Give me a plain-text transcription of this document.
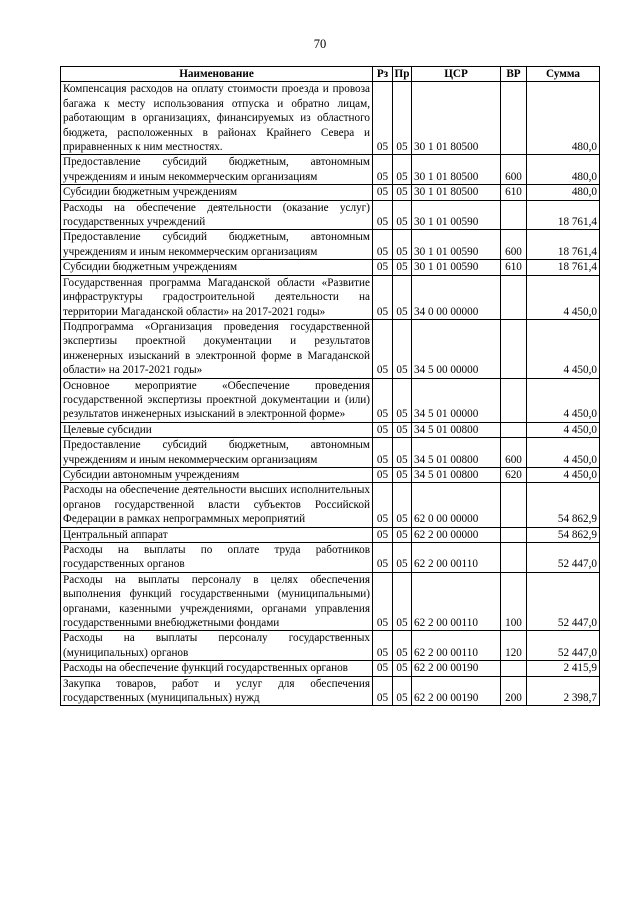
70
Наименование	Рз	Пр	ЦСР	ВР	Сумма
Компенсация расходов на оплату стоимости проезда и провоза багажа к месту использования отпуска и обратно лицам, работающим в организациях, финансируемых из областного бюджета, расположенных в районах Крайнего Севера и приравненных к ним местностях.	05	05	30 1 01 80500		480,0
Предоставление субсидий бюджетным, автономным учреждениям и иным некоммерческим организациям	05	05	30 1 01 80500	600	480,0
Субсидии бюджетным учреждениям	05	05	30 1 01 80500	610	480,0
Расходы на обеспечение деятельности (оказание услуг) государственных учреждений	05	05	30 1 01 00590		18 761,4
Предоставление субсидий бюджетным, автономным учреждениям и иным некоммерческим организациям	05	05	30 1 01 00590	600	18 761,4
Субсидии бюджетным учреждениям	05	05	30 1 01 00590	610	18 761,4
Государственная программа Магаданской области «Развитие инфраструктуры градостроительной деятельности на территории Магаданской области» на 2017-2021 годы»	05	05	34 0 00 00000		4 450,0
Подпрограмма «Организация проведения государственной экспертизы проектной документации и результатов инженерных изысканий в электронной форме в Магаданской области» на 2017-2021 годы»	05	05	34 5 00 00000		4 450,0
Основное мероприятие «Обеспечение проведения государственной экспертизы проектной документации и (или) результатов инженерных изысканий в электронной форме»	05	05	34 5 01 00000		4 450,0
Целевые субсидии	05	05	34 5 01 00800		4 450,0
Предоставление субсидий бюджетным, автономным учреждениям и иным некоммерческим организациям	05	05	34 5 01 00800	600	4 450,0
Субсидии автономным учреждениям	05	05	34 5 01 00800	620	4 450,0
Расходы на обеспечение деятельности высших исполнительных органов государственной власти субъектов Российской Федерации в рамках непрограммных мероприятий	05	05	62 0 00 00000		54 862,9
Центральный аппарат	05	05	62 2 00 00000		54 862,9
Расходы на выплаты по оплате труда работников государственных органов	05	05	62 2 00 00110		52 447,0
Расходы на выплаты персоналу в целях обеспечения выполнения функций государственными (муниципальными) органами, казенными учреждениями, органами управления государственными внебюджетными фондами	05	05	62 2 00 00110	100	52 447,0
Расходы на выплаты персоналу государственных (муниципальных) органов	05	05	62 2 00 00110	120	52 447,0
Расходы на обеспечение функций государственных органов	05	05	62 2 00 00190		2 415,9
Закупка товаров, работ и услуг для обеспечения государственных (муниципальных) нужд	05	05	62 2 00 00190	200	2 398,7
